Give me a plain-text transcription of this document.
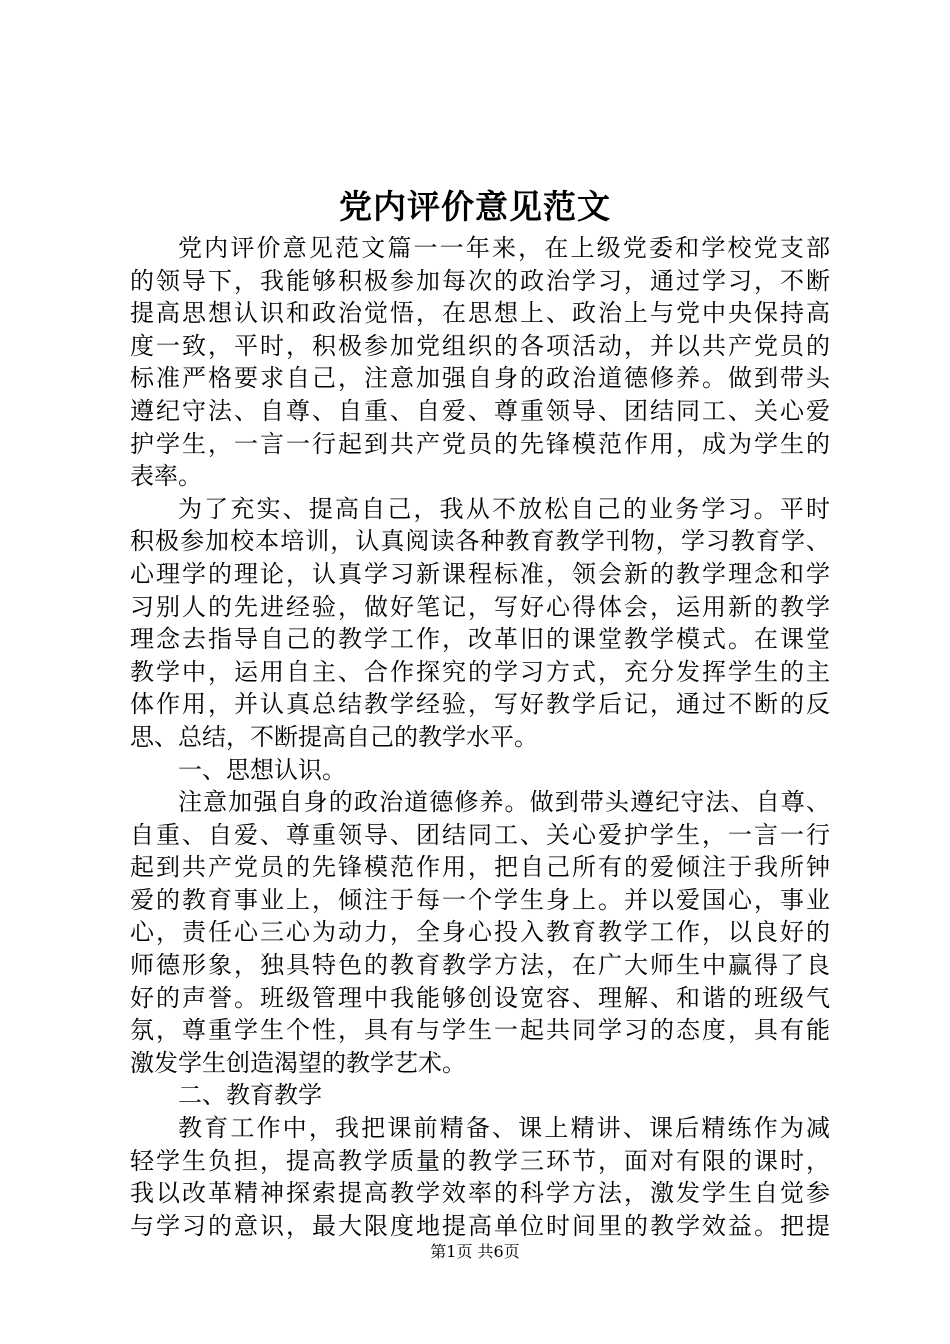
党内评价意见范文
党内评价意见范文篇一一年来，在上级党委和学校党支部
的领导下，我能够积极参加每次的政治学习，通过学习，不断
提高思想认识和政治觉悟，在思想上、政治上与党中央保持高
度一致，平时，积极参加党组织的各项活动，并以共产党员的
标准严格要求自己，注意加强自身的政治道德修养。做到带头
遵纪守法、自尊、自重、自爱、尊重领导、团结同工、关心爱
护学生，一言一行起到共产党员的先锋模范作用，成为学生的
表率。
为了充实、提高自己，我从不放松自己的业务学习。平时
积极参加校本培训，认真阅读各种教育教学刊物，学习教育学、
心理学的理论，认真学习新课程标准，领会新的教学理念和学
习别人的先进经验，做好笔记，写好心得体会，运用新的教学
理念去指导自己的教学工作，改革旧的课堂教学模式。在课堂
教学中，运用自主、合作探究的学习方式，充分发挥学生的主
体作用，并认真总结教学经验，写好教学后记，通过不断的反
思、总结，不断提高自己的教学水平。
一、思想认识。
注意加强自身的政治道德修养。做到带头遵纪守法、自尊、
自重、自爱、尊重领导、团结同工、关心爱护学生，一言一行
起到共产党员的先锋模范作用，把自己所有的爱倾注于我所钟
爱的教育事业上，倾注于每一个学生身上。并以爱国心，事业
心，责任心三心为动力，全身心投入教育教学工作，以良好的
师德形象，独具特色的教育教学方法，在广大师生中赢得了良
好的声誉。班级管理中我能够创设宽容、理解、和谐的班级气
氛，尊重学生个性，具有与学生一起共同学习的态度，具有能
激发学生创造渴望的教学艺术。
二、教育教学
教育工作中，我把课前精备、课上精讲、课后精练作为减
轻学生负担，提高教学质量的教学三环节，面对有限的课时，
我以改革精神探索提高教学效率的科学方法，激发学生自觉参
与学习的意识，最大限度地提高单位时间里的教学效益。把提
第1页 共6页
